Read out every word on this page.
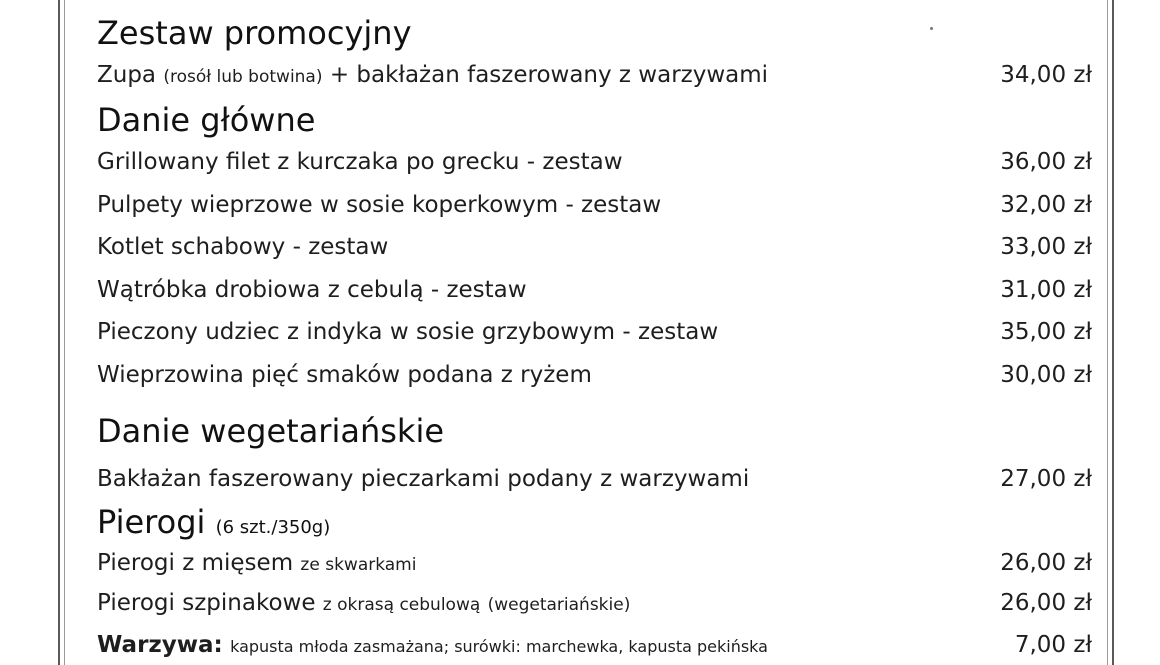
Zestaw promocyjny
Zupa (rosół lub botwina) + bakłażan faszerowany z warzywami	34,00 zł
Danie główne
Grillowany filet z kurczaka po grecku - zestaw	36,00 zł
Pulpety wieprzowe w sosie koperkowym - zestaw	32,00 zł
Kotlet schabowy - zestaw	33,00 zł
Wątróbka drobiowa z cebulą - zestaw	31,00 zł
Pieczony udziec z indyka w sosie grzybowym - zestaw	35,00 zł
Wieprzowina pięć smaków podana z ryżem	30,00 zł
Danie wegetariańskie
Bakłażan faszerowany pieczarkami podany z warzywami	27,00 zł
Pierogi (6 szt./350g)
Pierogi z mięsem ze skwarkami	26,00 zł
Pierogi szpinakowe z okrasą cebulową (wegetariańskie)	26,00 zł
Warzywa: kapusta młoda zasmażana; surówki: marchewka, kapusta pekińska	7,00 zł
